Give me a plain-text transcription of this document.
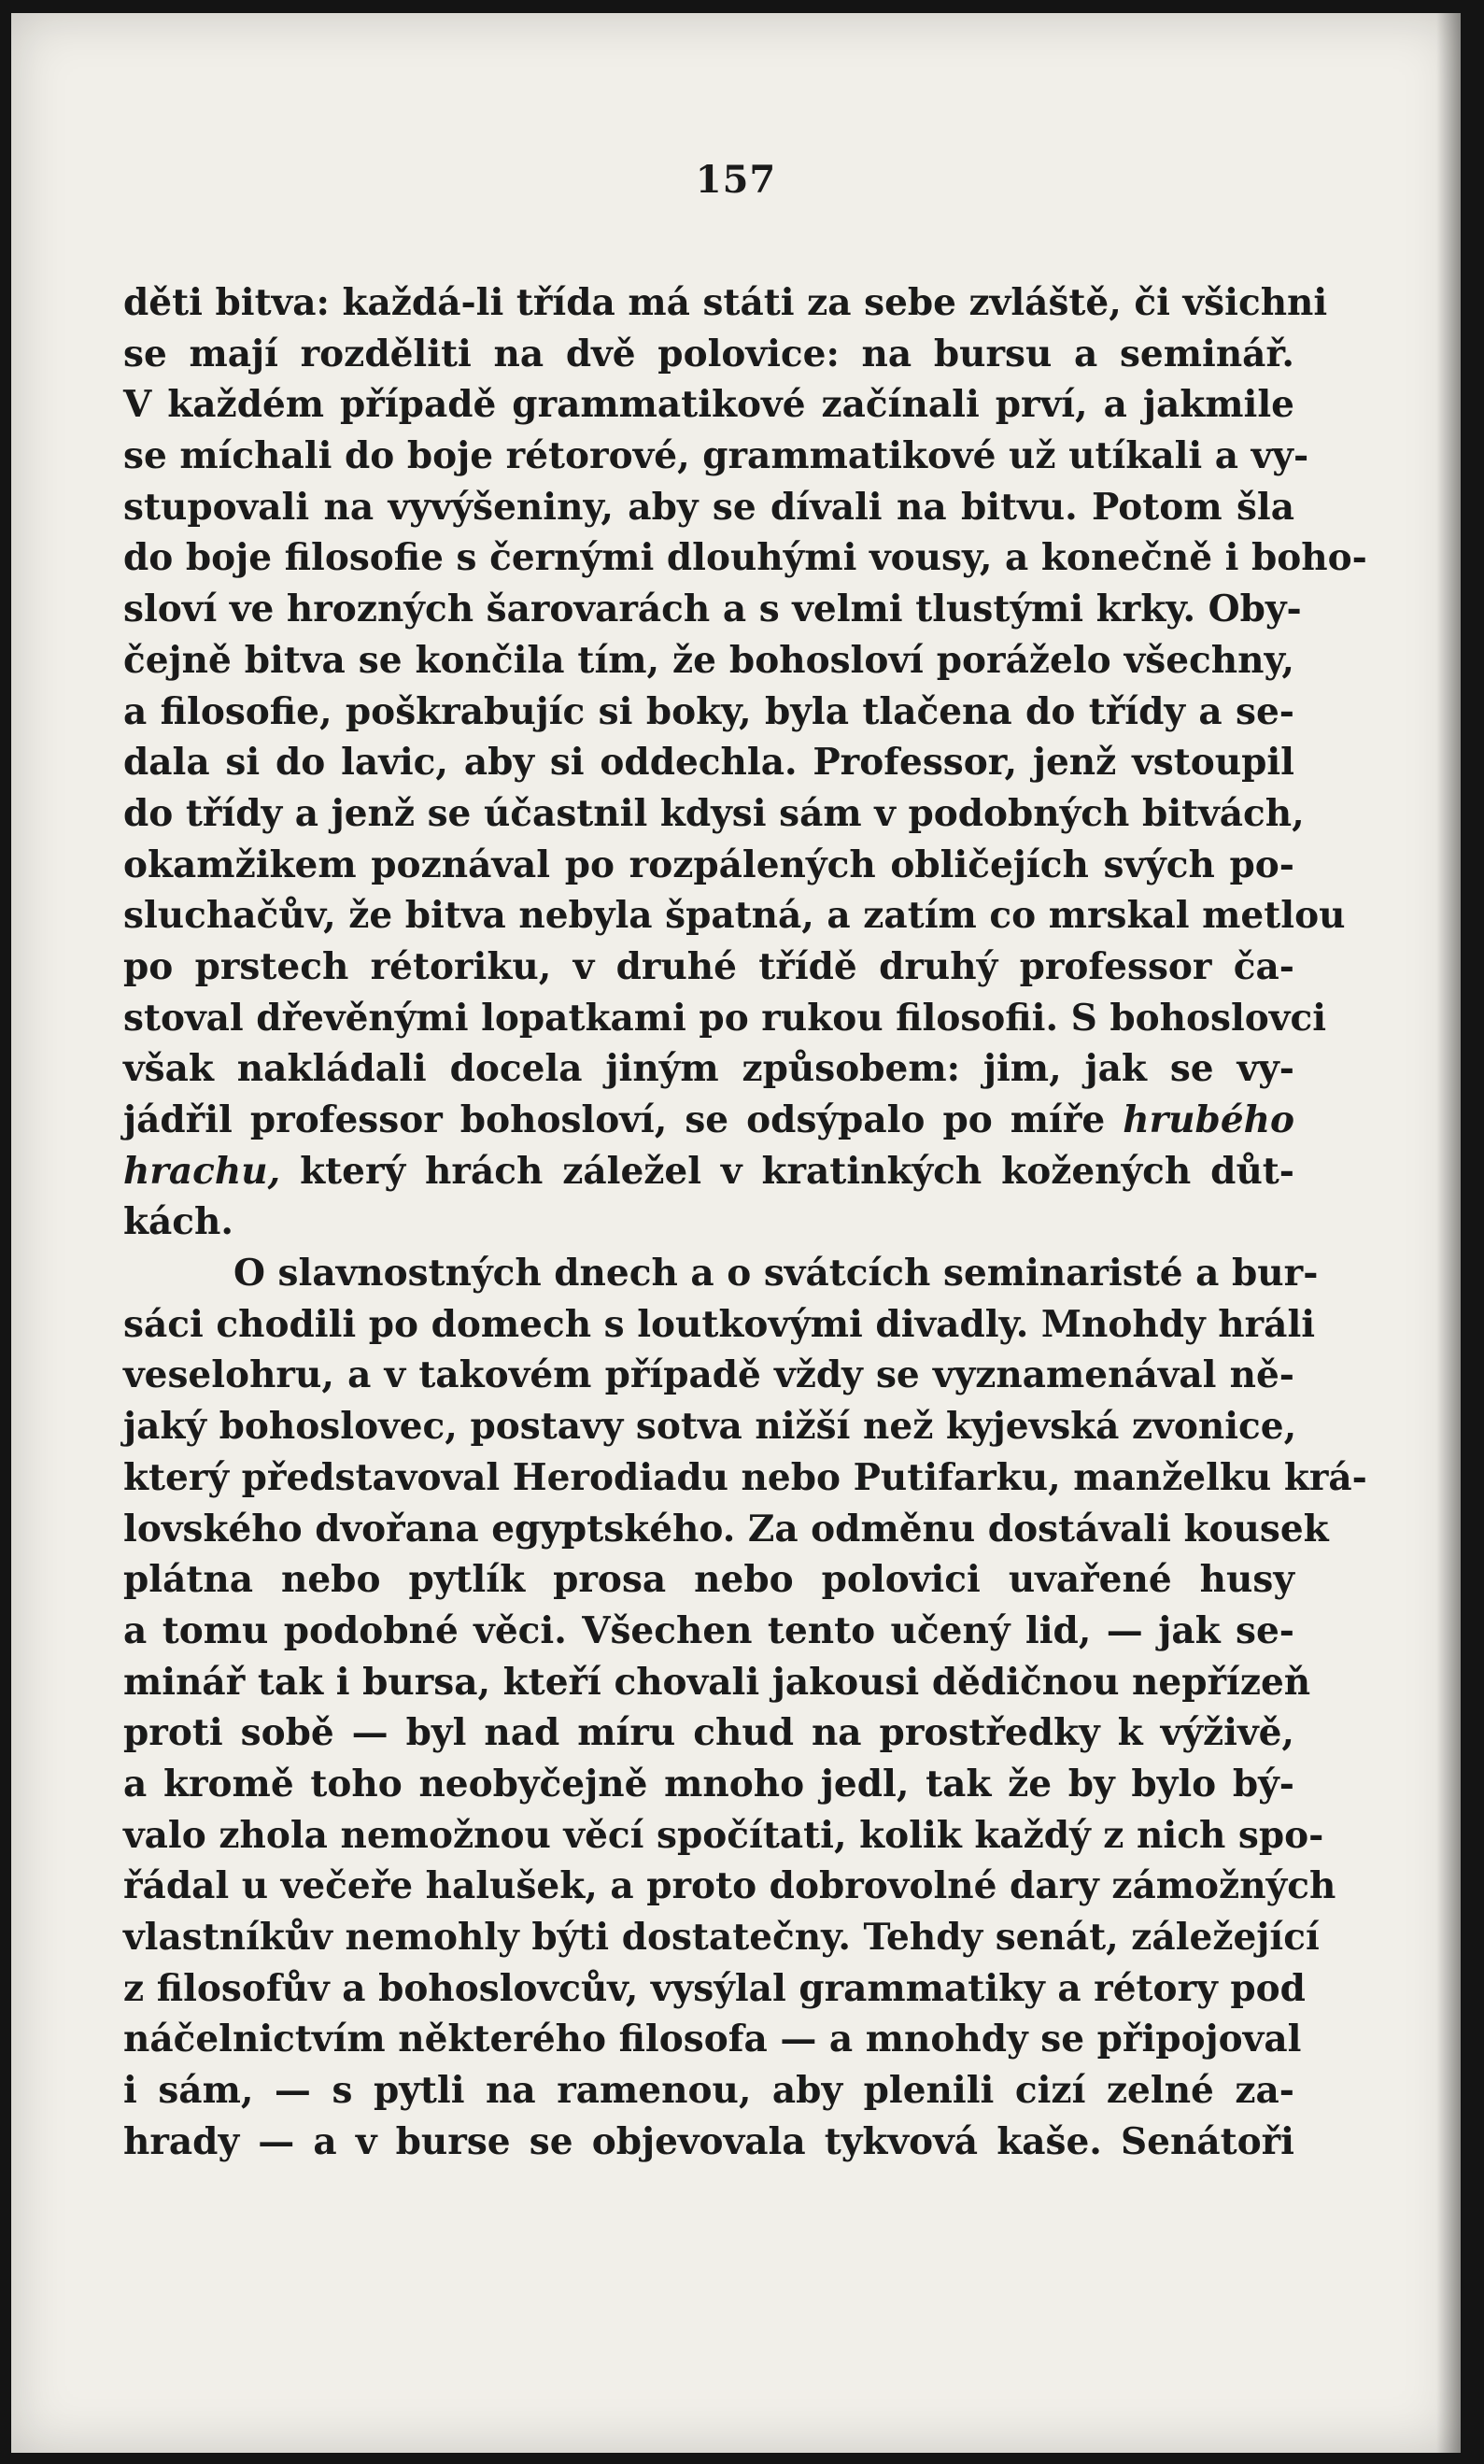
157
děti bitva: každá-li třída má státi za sebe zvláště, či všichni
se mají rozděliti na dvě polovice: na bursu a seminář.
V každém případě grammatikové začínali prví, a jakmile
se míchali do boje rétorové, grammatikové už utíkali a vy-
stupovali na vyvýšeniny, aby se dívali na bitvu. Potom šla
do boje filosofie s černými dlouhými vousy, a konečně i boho-
sloví ve hrozných šarovarách a s velmi tlustými krky. Oby-
čejně bitva se končila tím, že bohosloví poráželo všechny,
a filosofie, poškrabujíc si boky, byla tlačena do třídy a se-
dala si do lavic, aby si oddechla. Professor, jenž vstoupil
do třídy a jenž se účastnil kdysi sám v podobných bitvách,
okamžikem poznával po rozpálených obličejích svých po-
sluchačův, že bitva nebyla špatná, a zatím co mrskal metlou
po prstech rétoriku, v druhé třídě druhý professor ča-
stoval dřevěnými lopatkami po rukou filosofii. S bohoslovci
však nakládali docela jiným způsobem: jim, jak se vy-
jádřil professor bohosloví, se odsýpalo po míře hrubého
hrachu, který hrách záležel v kratinkých kožených důt-
kách.
O slavnostných dnech a o svátcích seminaristé a bur-
sáci chodili po domech s loutkovými divadly. Mnohdy hráli
veselohru, a v takovém případě vždy se vyznamenával ně-
jaký bohoslovec, postavy sotva nižší než kyjevská zvonice,
který představoval Herodiadu nebo Putifarku, manželku krá-
lovského dvořana egyptského. Za odměnu dostávali kousek
plátna nebo pytlík prosa nebo polovici uvařené husy
a tomu podobné věci. Všechen tento učený lid, — jak se-
minář tak i bursa, kteří chovali jakousi dědičnou nepřízeň
proti sobě — byl nad míru chud na prostředky k výživě,
a kromě toho neobyčejně mnoho jedl, tak že by bylo bý-
valo zhola nemožnou věcí spočítati, kolik každý z nich spo-
řádal u večeře halušek, a proto dobrovolné dary zámožných
vlastníkův nemohly býti dostatečny. Tehdy senát, záležející
z filosofův a bohoslovcův, vysýlal grammatiky a rétory pod
náčelnictvím některého filosofa — a mnohdy se připojoval
i sám, — s pytli na ramenou, aby plenili cizí zelné za-
hrady — a v burse se objevovala tykvová kaše. Senátoři
